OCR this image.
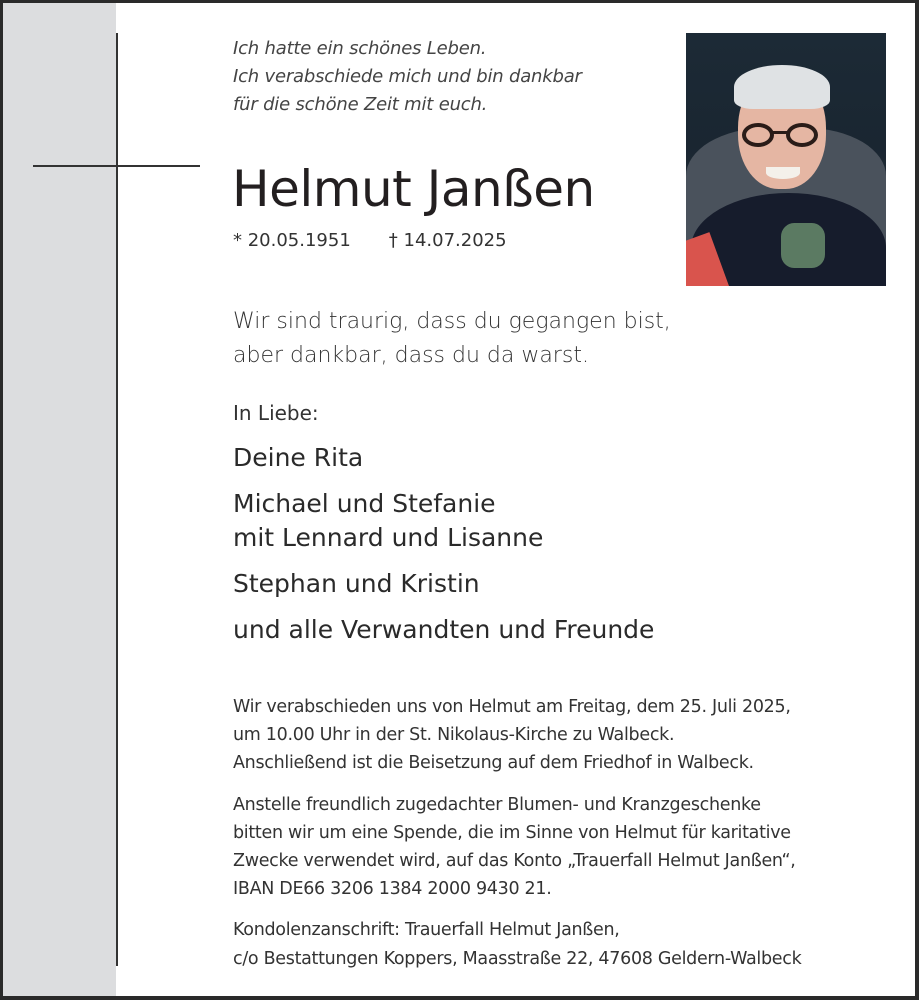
Ich hatte ein schönes Leben.
Ich verabschiede mich und bin dankbar
für die schöne Zeit mit euch.
Helmut Janßen
* 20.05.1951 † 14.07.2025
Wir sind traurig, dass du gegangen bist,
aber dankbar, dass du da warst.
In Liebe:
Deine Rita
Michael und Stefanie
mit Lennard und Lisanne
Stephan und Kristin
und alle Verwandten und Freunde
Wir verabschieden uns von Helmut am Freitag, dem 25. Juli 2025,
um 10.00 Uhr in der St. Nikolaus-Kirche zu Walbeck.
Anschließend ist die Beisetzung auf dem Friedhof in Walbeck.
Anstelle freundlich zugedachter Blumen- und Kranzgeschenke
bitten wir um eine Spende, die im Sinne von Helmut für karitative
Zwecke verwendet wird, auf das Konto „Trauerfall Helmut Janßen“,
IBAN DE66 3206 1384 2000 9430 21.
Kondolenzanschrift: Trauerfall Helmut Janßen,
c/o Bestattungen Koppers, Maasstraße 22, 47608 Geldern-Walbeck
